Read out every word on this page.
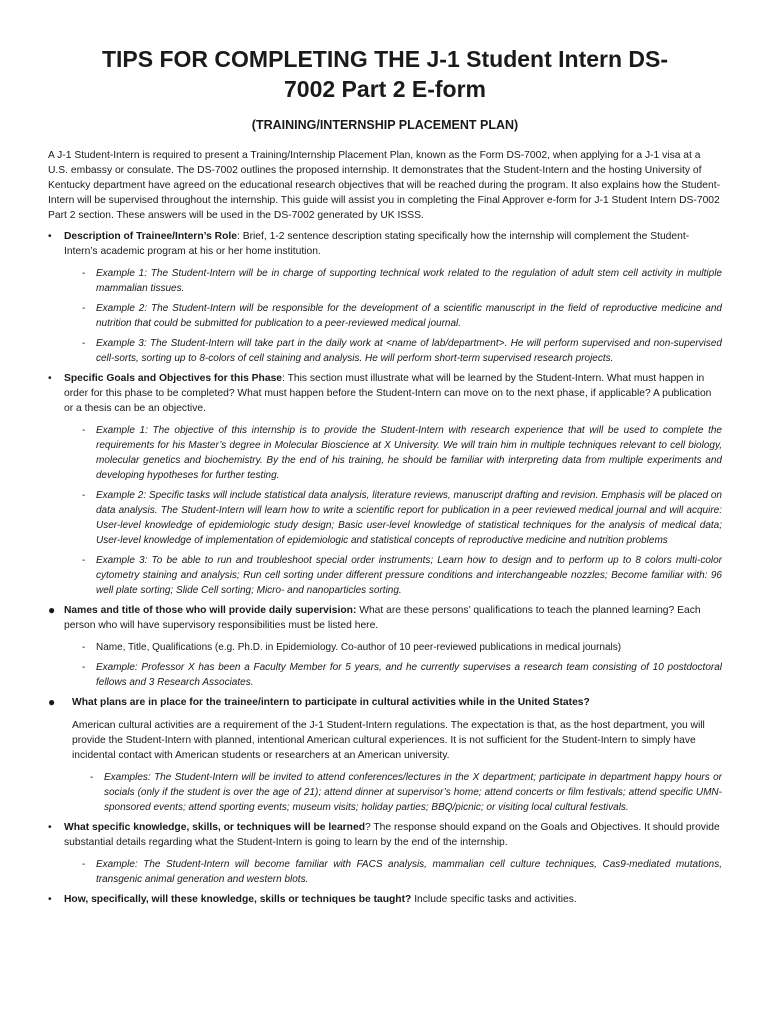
TIPS FOR COMPLETING THE J-1 Student Intern DS-7002 Part 2 E-form
(TRAINING/INTERNSHIP PLACEMENT PLAN)

A J-1 Student-Intern is required to present a Training/Internship Placement Plan, known as the Form DS-7002, when applying for a J-1 visa at a U.S. embassy or consulate. The DS-7002 outlines the proposed internship. It demonstrates that the Student-Intern and the hosting University of Kentucky department have agreed on the educational research objectives that will be reached during the program. It also explains how the Student-Intern will be supervised throughout the internship. This guide will assist you in completing the Final Approver e-form for J-1 Student Intern DS-7002 Part 2 section. These answers will be used in the DS-7002 generated by UK ISSS.

• Description of Trainee/Intern’s Role: Brief, 1-2 sentence description stating specifically how the internship will complement the Student-Intern’s academic program at his or her home institution.
- Example 1: The Student-Intern will be in charge of supporting technical work related to the regulation of adult stem cell activity in multiple mammalian tissues.
- Example 2: The Student-Intern will be responsible for the development of a scientific manuscript in the field of reproductive medicine and nutrition that could be submitted for publication to a peer-reviewed medical journal.
- Example 3: The Student-Intern will take part in the daily work at <name of lab/department>. He will perform supervised and non-supervised cell-sorts, sorting up to 8-colors of cell staining and analysis. He will perform short-term supervised research projects.
• Specific Goals and Objectives for this Phase: This section must illustrate what will be learned by the Student-Intern. What must happen in order for this phase to be completed? What must happen before the Student-Intern can move on to the next phase, if applicable? A publication or a thesis can be an objective.
- Example 1: The objective of this internship is to provide the Student-Intern with research experience that will be used to complete the requirements for his Master’s degree in Molecular Bioscience at X University. We will train him in multiple techniques relevant to cell biology, molecular genetics and biochemistry. By the end of his training, he should be familiar with interpreting data from multiple experiments and developing hypotheses for further testing.
- Example 2: Specific tasks will include statistical data analysis, literature reviews, manuscript drafting and revision. Emphasis will be placed on data analysis. The Student-Intern will learn how to write a scientific report for publication in a peer reviewed medical journal and will acquire: User-level knowledge of epidemiologic study design; Basic user-level knowledge of statistical techniques for the analysis of medical data; User-level knowledge of implementation of epidemiologic and statistical concepts of reproductive medicine and nutrition problems
- Example 3: To be able to run and troubleshoot special order instruments; Learn how to design and to perform up to 8 colors multi-color cytometry staining and analysis; Run cell sorting under different pressure conditions and interchangeable nozzles; Become familiar with: 96 well plate sorting; Slide Cell sorting; Micro- and nanoparticles sorting.
● Names and title of those who will provide daily supervision: What are these persons’ qualifications to teach the planned learning? Each person who will have supervisory responsibilities must be listed here.
- Name, Title, Qualifications (e.g. Ph.D. in Epidemiology. Co-author of 10 peer-reviewed publications in medical journals)
- Example: Professor X has been a Faculty Member for 5 years, and he currently supervises a research team consisting of 10 postdoctoral fellows and 3 Research Associates.
● What plans are in place for the trainee/intern to participate in cultural activities while in the United States?
American cultural activities are a requirement of the J-1 Student-Intern regulations. The expectation is that, as the host department, you will provide the Student-Intern with planned, intentional American cultural experiences. It is not sufficient for the Student-Intern to simply have incidental contact with American students or researchers at an American university.
- Examples: The Student-Intern will be invited to attend conferences/lectures in the X department; participate in department happy hours or socials (only if the student is over the age of 21); attend dinner at supervisor’s home; attend concerts or film festivals; attend specific UMN-sponsored events; attend sporting events; museum visits; holiday parties; BBQ/picnic; or visiting local cultural festivals.
• What specific knowledge, skills, or techniques will be learned? The response should expand on the Goals and Objectives. It should provide substantial details regarding what the Student-Intern is going to learn by the end of the internship.
- Example: The Student-Intern will become familiar with FACS analysis, mammalian cell culture techniques, Cas9-mediated mutations, transgenic animal generation and western blots.
• How, specifically, will these knowledge, skills or techniques be taught? Include specific tasks and activities.
